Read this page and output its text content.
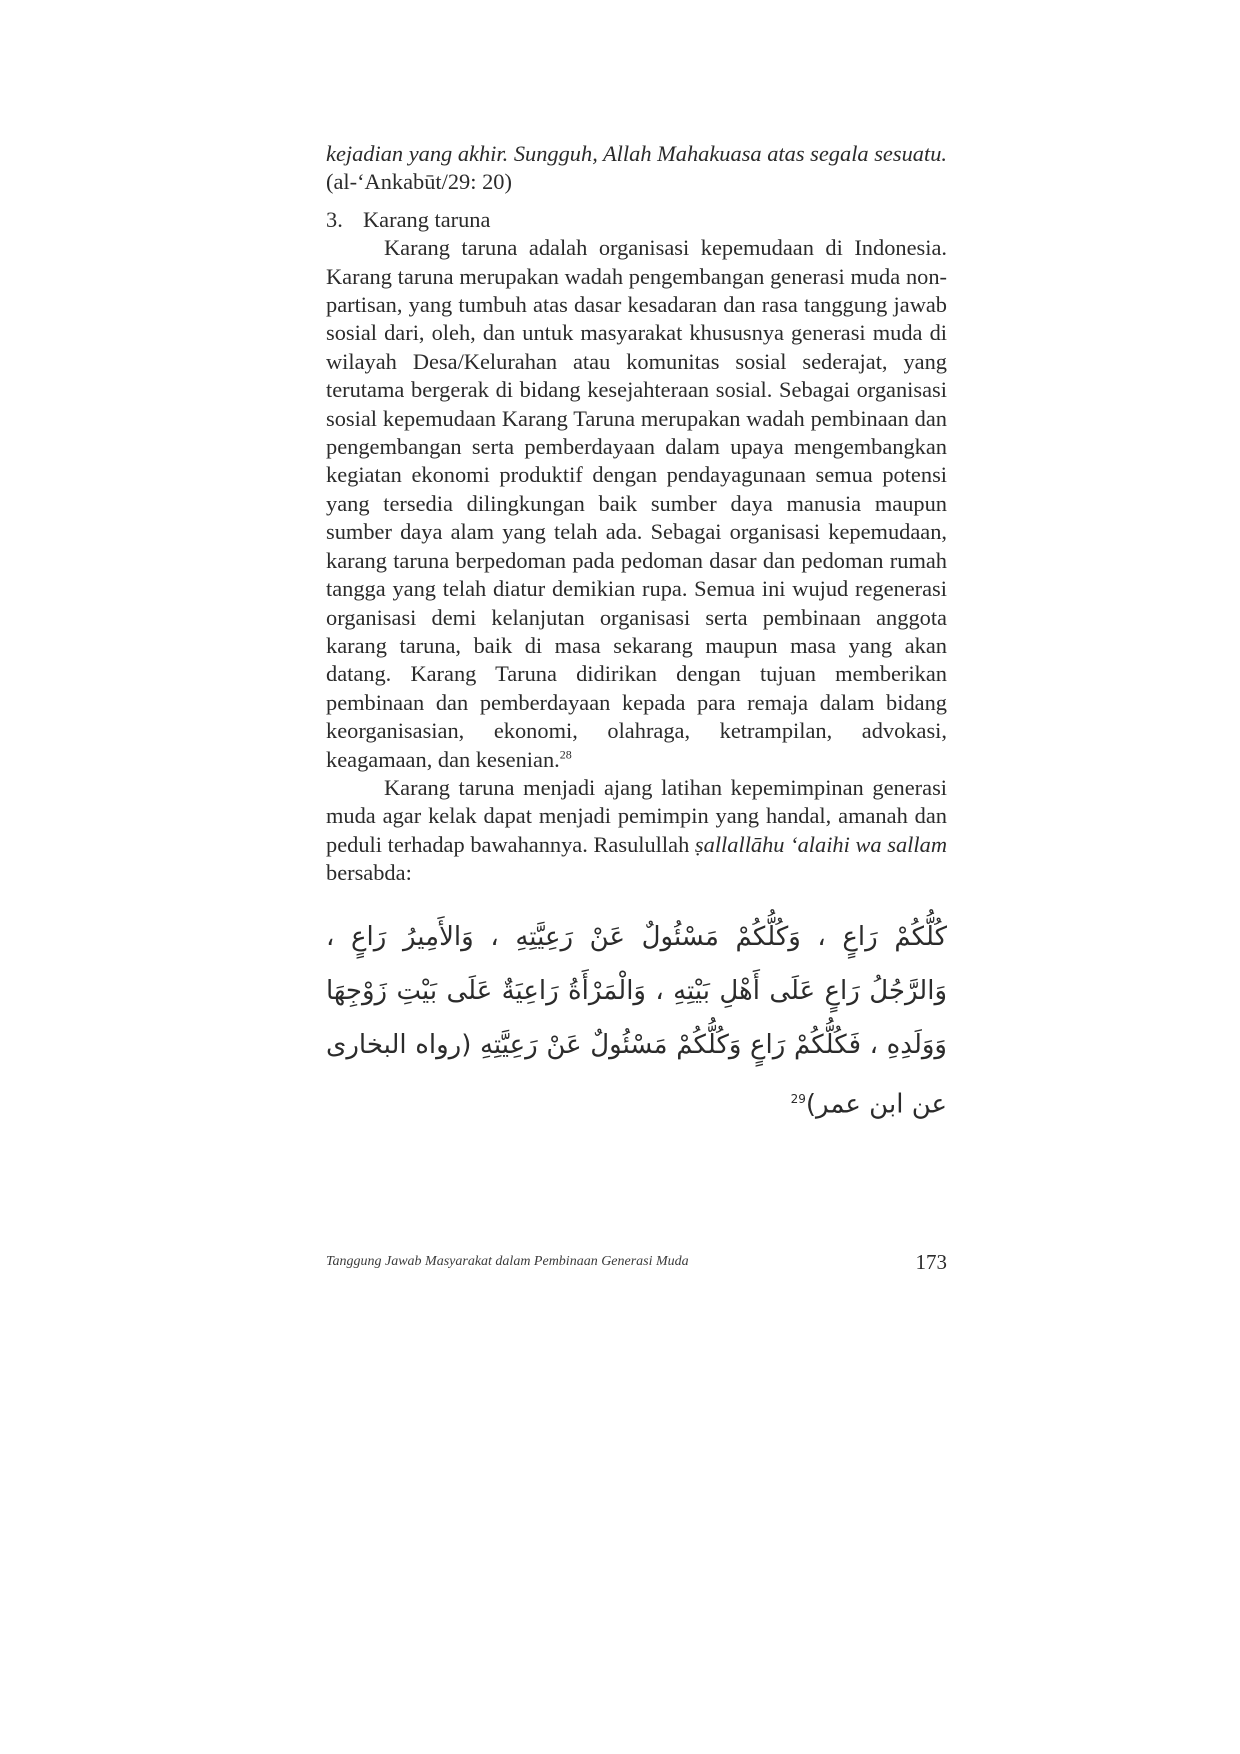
kejadian yang akhir. Sungguh, Allah Mahakuasa atas segala sesuatu. (al-‘Ankabūt/29: 20)

3. Karang taruna

Karang taruna adalah organisasi kepemudaan di Indonesia. Karang taruna merupakan wadah pengembangan generasi muda non-partisan, yang tumbuh atas dasar kesadaran dan rasa tanggung jawab sosial dari, oleh, dan untuk masyarakat khususnya generasi muda di wilayah Desa/Kelurahan atau komunitas sosial sederajat, yang terutama bergerak di bidang kesejahteraan sosial. Sebagai organisasi sosial kepemudaan Karang Taruna merupakan wadah pembinaan dan pengembangan serta pemberdayaan dalam upaya mengembangkan kegiatan ekonomi produktif dengan pendayagunaan semua potensi yang tersedia dilingkungan baik sumber daya manusia maupun sumber daya alam yang telah ada. Sebagai organisasi kepemudaan, karang taruna berpedoman pada pedoman dasar dan pedoman rumah tangga yang telah diatur demikian rupa. Semua ini wujud regenerasi organisasi demi kelanjutan organisasi serta pembinaan anggota karang taruna, baik di masa sekarang maupun masa yang akan datang. Karang Taruna didirikan dengan tujuan memberikan pembinaan dan pemberdayaan kepada para remaja dalam bidang keorganisasian, ekonomi, olahraga, ketrampilan, advokasi, keagamaan, dan kesenian.$^{28}$

Karang taruna menjadi ajang latihan kepemimpinan generasi muda agar kelak dapat menjadi pemimpin yang handal, amanah dan peduli terhadap bawahannya. Rasulullah ṣallallāhu ‘alaihi wa sallam bersabda:

كُلُّكُمْ رَاعٍ ، وَكُلُّكُمْ مَسْئُولٌ عَنْ رَعِيَّتِهِ ، وَالأَمِيرُ رَاعٍ ، وَالرَّجُلُ رَاعٍ عَلَى أَهْلِ بَيْتِهِ ، وَالْمَرْأَةُ رَاعِيَةٌ عَلَى بَيْتِ زَوْجِهَا وَوَلَدِهِ ، فَكُلُّكُمْ رَاعٍ وَكُلُّكُمْ مَسْئُولٌ عَنْ رَعِيَّتِهِ (رواه البخارى عن ابن عمر)$^{29}$

Tanggung Jawab Masyarakat dalam Pembinaan Generasi Muda	173
